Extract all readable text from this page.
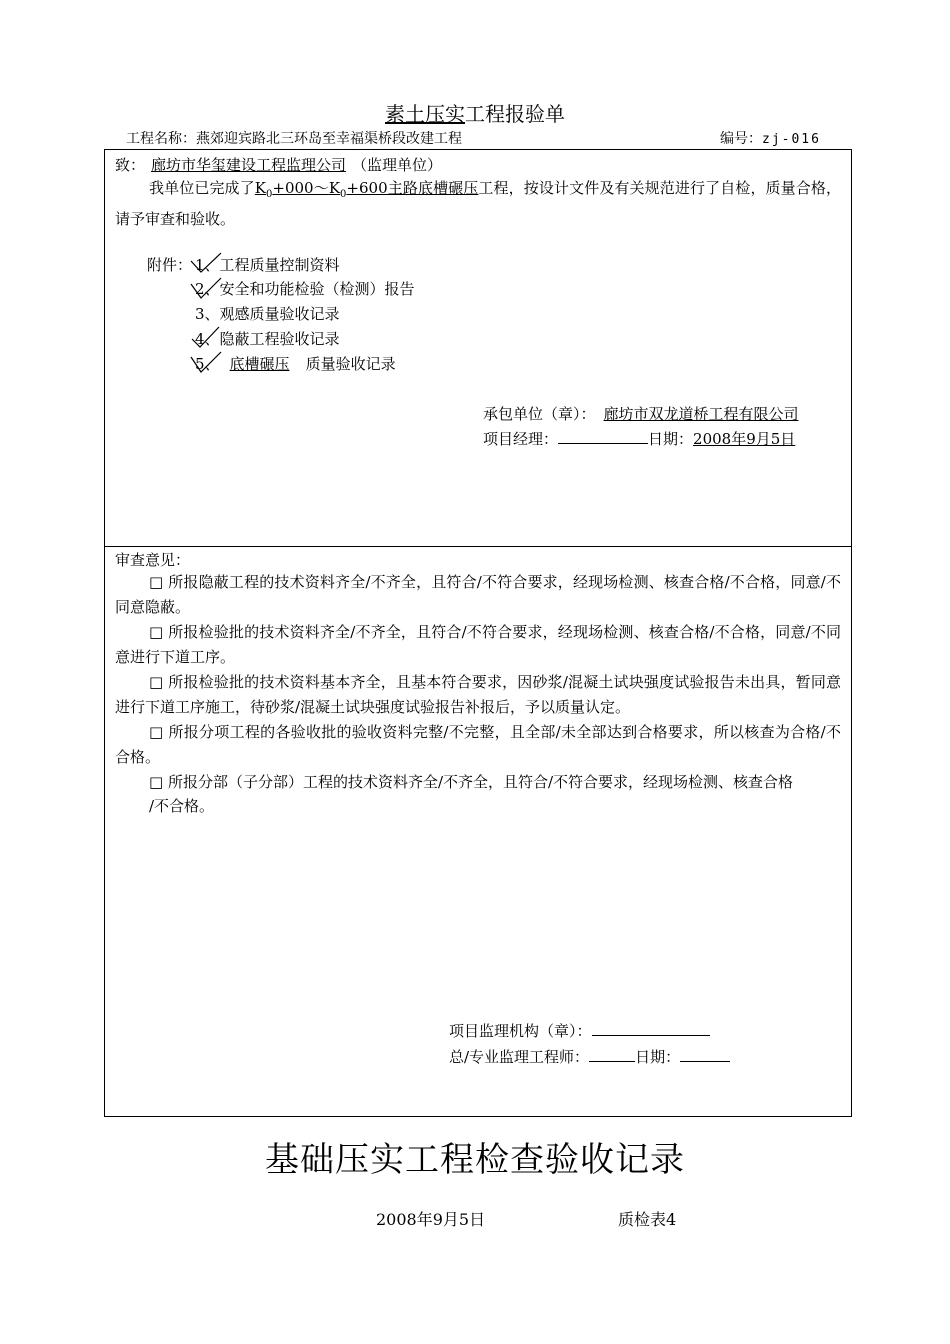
素土压实工程报验单
工程名称：燕郊迎宾路北三环岛至幸福渠桥段改建工程	编号：zj-016
致： 廊坊市华玺建设工程监理公司 （监理单位）
我单位已完成了$K_0+000\sim K_0+600$主路底槽碾压工程，按设计文件及有关规范进行了自检，质量合格，请予审查和验收。
附件： 1、工程质量控制资料
2、安全和功能检验（检测）报告
3、观感质量验收记录
4、隐蔽工程验收记录
5、 底槽碾压 质量验收记录
承包单位（章）： 廊坊市双龙道桥工程有限公司
项目经理：	日期：2008年9月5日
审查意见：
□ 所报隐蔽工程的技术资料齐全/不齐全，且符合/不符合要求，经现场检测、核查合格/不合格，同意/不同意隐蔽。
□ 所报检验批的技术资料齐全/不齐全，且符合/不符合要求，经现场检测、核查合格/不合格，同意/不同意进行下道工序。
□ 所报检验批的技术资料基本齐全，且基本符合要求，因砂浆/混凝土试块强度试验报告未出具，暂同意进行下道工序施工，待砂浆/混凝土试块强度试验报告补报后，予以质量认定。
□ 所报分项工程的各验收批的验收资料完整/不完整，且全部/未全部达到合格要求，所以核查为合格/不合格。
□ 所报分部（子分部）工程的技术资料齐全/不齐全，且符合/不符合要求，经现场检测、核查合格
/不合格。
项目监理机构（章）：
总/专业监理工程师：	日期：
基础压实工程检查验收记录
2008年9月5日	质检表4
